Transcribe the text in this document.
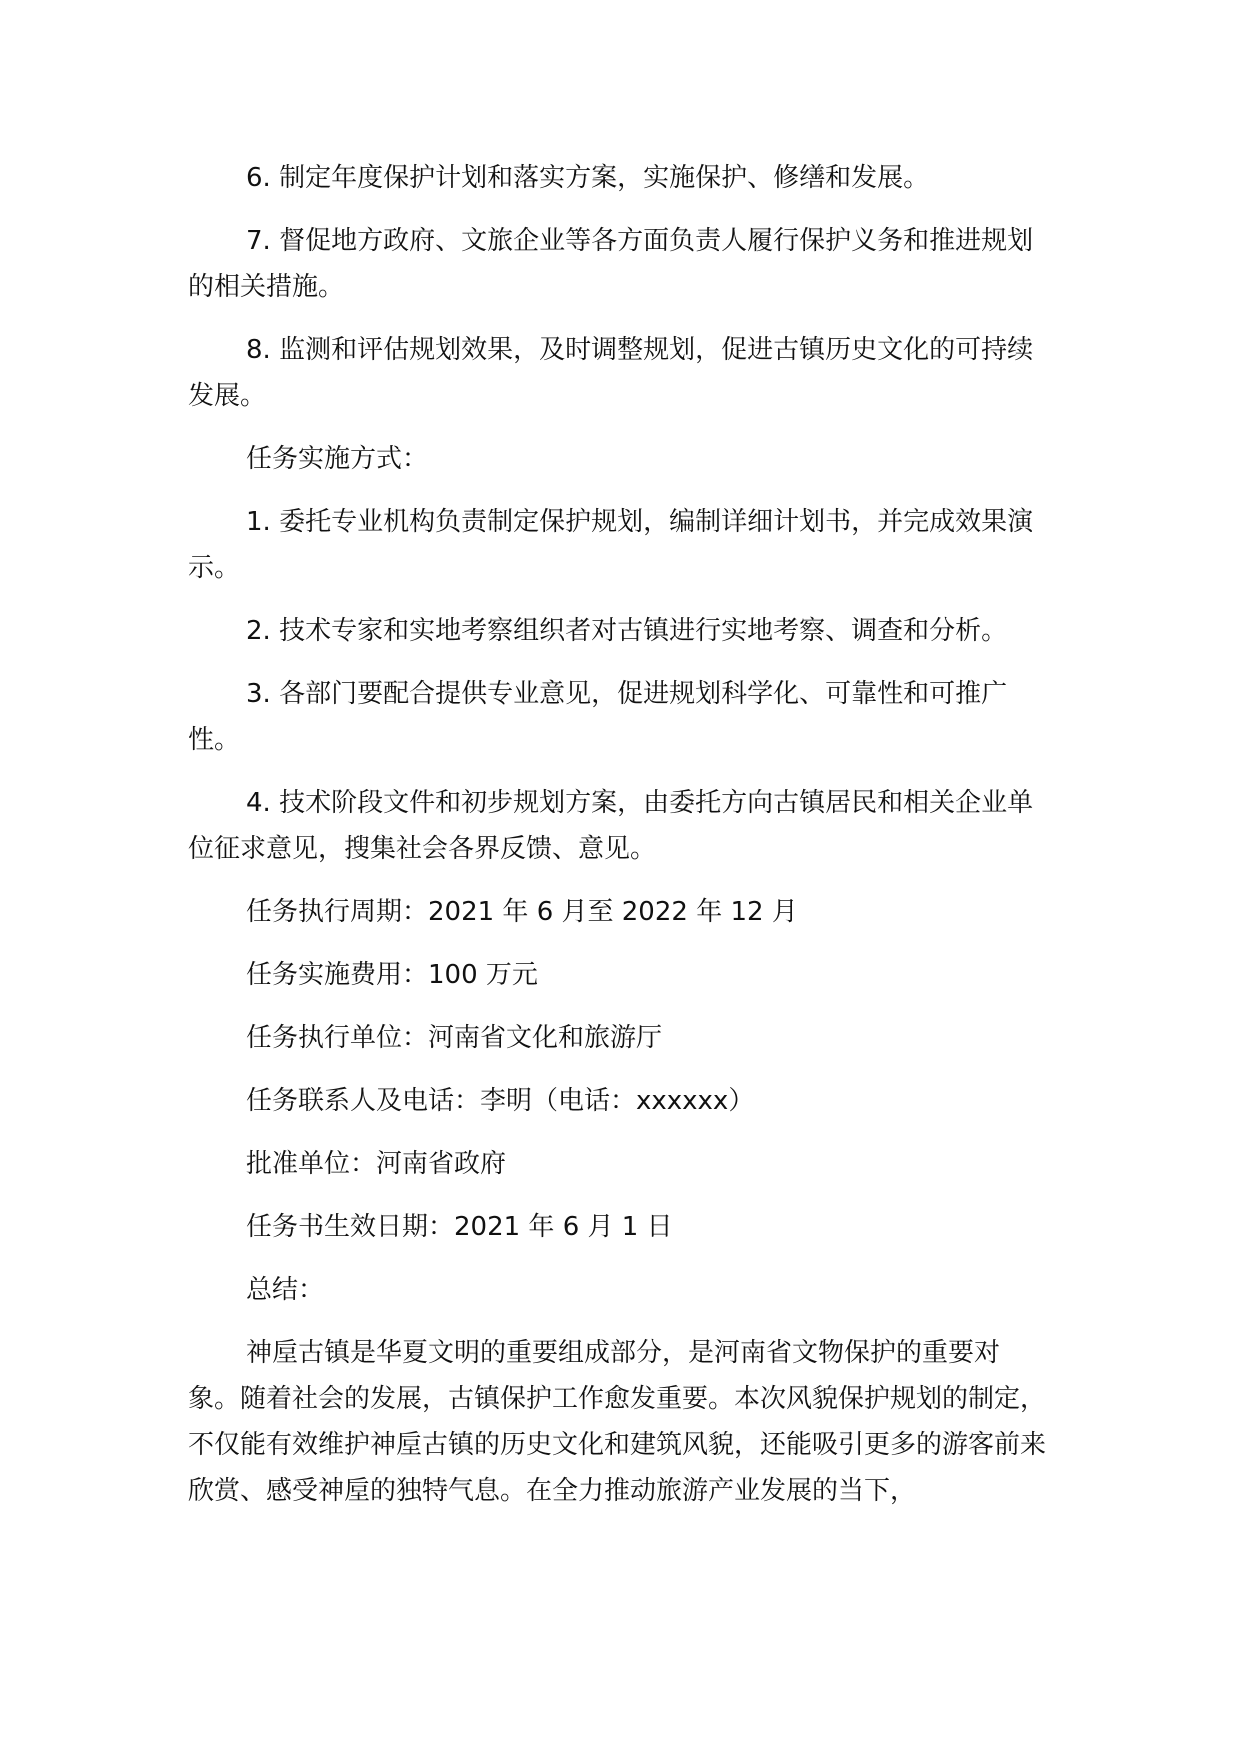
6. 制定年度保护计划和落实方案，实施保护、修缮和发展。

7. 督促地方政府、文旅企业等各方面负责人履行保护义务和推进规划的相关措施。

8. 监测和评估规划效果，及时调整规划，促进古镇历史文化的可持续发展。

任务实施方式：

1. 委托专业机构负责制定保护规划，编制详细计划书，并完成效果演示。

2. 技术专家和实地考察组织者对古镇进行实地考察、调查和分析。

3. 各部门要配合提供专业意见，促进规划科学化、可靠性和可推广性。

4. 技术阶段文件和初步规划方案，由委托方向古镇居民和相关企业单位征求意见，搜集社会各界反馈、意见。

任务执行周期：2021 年 6 月至 2022 年 12 月

任务实施费用：100 万元

任务执行单位：河南省文化和旅游厅

任务联系人及电话：李明（电话：xxxxxx）

批准单位：河南省政府

任务书生效日期：2021 年 6 月 1 日

总结：

神垕古镇是华夏文明的重要组成部分，是河南省文物保护的重要对象。随着社会的发展，古镇保护工作愈发重要。本次风貌保护规划的制定，不仅能有效维护神垕古镇的历史文化和建筑风貌，还能吸引更多的游客前来欣赏、感受神垕的独特气息。在全力推动旅游产业发展的当下，
